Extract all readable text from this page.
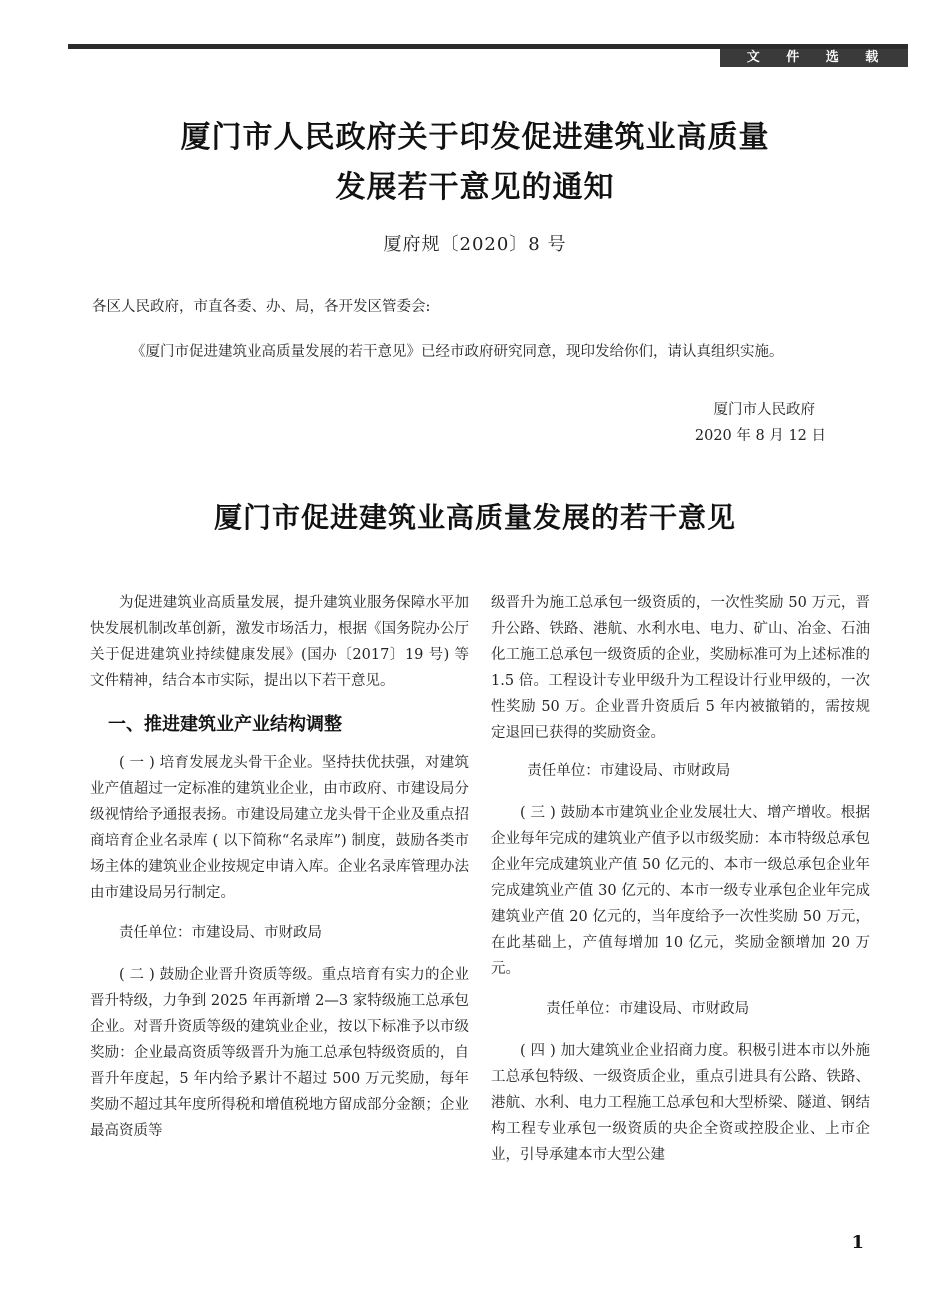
文 件 选 载
厦门市人民政府关于印发促进建筑业高质量
发展若干意见的通知
厦府规〔2020〕8 号
各区人民政府，市直各委、办、局，各开发区管委会:
《厦门市促进建筑业高质量发展的若干意见》已经市政府研究同意，现印发给你们，请认真组织实施。
厦门市人民政府
2020 年 8 月 12 日
厦门市促进建筑业高质量发展的若干意见

为促进建筑业高质量发展，提升建筑业服务保障水平加快发展机制改革创新，激发市场活力，根据《国务院办公厅关于促进建筑业持续健康发展》(国办〔2017〕19 号) 等文件精神，结合本市实际，提出以下若干意见。

一、推进建筑业产业结构调整

( 一 ) 培育发展龙头骨干企业。坚持扶优扶强，对建筑业产值超过一定标准的建筑业企业，由市政府、市建设局分级视情给予通报表扬。市建设局建立龙头骨干企业及重点招商培育企业名录库 ( 以下简称“名录库”) 制度，鼓励各类市场主体的建筑业企业按规定申请入库。企业名录库管理办法由市建设局另行制定。

责任单位：市建设局、市财政局

( 二 ) 鼓励企业晋升资质等级。重点培育有实力的企业晋升特级，力争到 2025 年再新增 2—3 家特级施工总承包企业。对晋升资质等级的建筑业企业，按以下标准予以市级奖励：企业最高资质等级晋升为施工总承包特级资质的，自晋升年度起，5 年内给予累计不超过 500 万元奖励，每年奖励不超过其年度所得税和增值税地方留成部分金额；企业最高资质等

级晋升为施工总承包一级资质的，一次性奖励 50 万元，晋升公路、铁路、港航、水利水电、电力、矿山、冶金、石油化工施工总承包一级资质的企业，奖励标准可为上述标准的 1.5 倍。工程设计专业甲级升为工程设计行业甲级的，一次性奖励 50 万。企业晋升资质后 5 年内被撤销的，需按规定退回已获得的奖励资金。

责任单位：市建设局、市财政局

( 三 ) 鼓励本市建筑业企业发展壮大、增产增收。根据企业每年完成的建筑业产值予以市级奖励：本市特级总承包企业年完成建筑业产值 50 亿元的、本市一级总承包企业年完成建筑业产值 30 亿元的、本市一级专业承包企业年完成建筑业产值 20 亿元的，当年度给予一次性奖励 50 万元，在此基础上，产值每增加 10 亿元，奖励金额增加 20 万元。

责任单位：市建设局、市财政局

( 四 ) 加大建筑业企业招商力度。积极引进本市以外施工总承包特级、一级资质企业，重点引进具有公路、铁路、港航、水利、电力工程施工总承包和大型桥梁、隧道、钢结构工程专业承包一级资质的央企全资或控股企业、上市企业，引导承建本市大型公建

1
